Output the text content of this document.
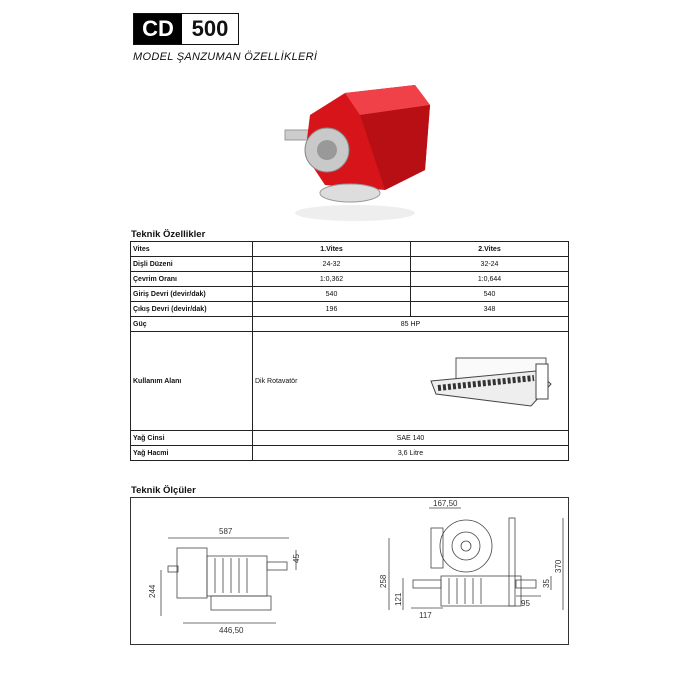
CD 500
MODEL ŞANZUMAN ÖZELLİKLERİ
Teknik Özellikler
Vites	1.Vites	2.Vites
Dişli Düzeni	24-32	32-24
Çevrim Oranı	1:0,362	1:0,644
Giriş Devri (devir/dak)	540	540
Çıkış Devri (devir/dak)	196	348
Güç	85 HP	
Kullanım Alanı	Dik Rotavatör	

Yağ Cinsi	SAE 140	
Yağ Hacmi	3,6 Litre	
Teknik Ölçüler
587
45
244
446,50
167,50
258
121
117
35
95
370
